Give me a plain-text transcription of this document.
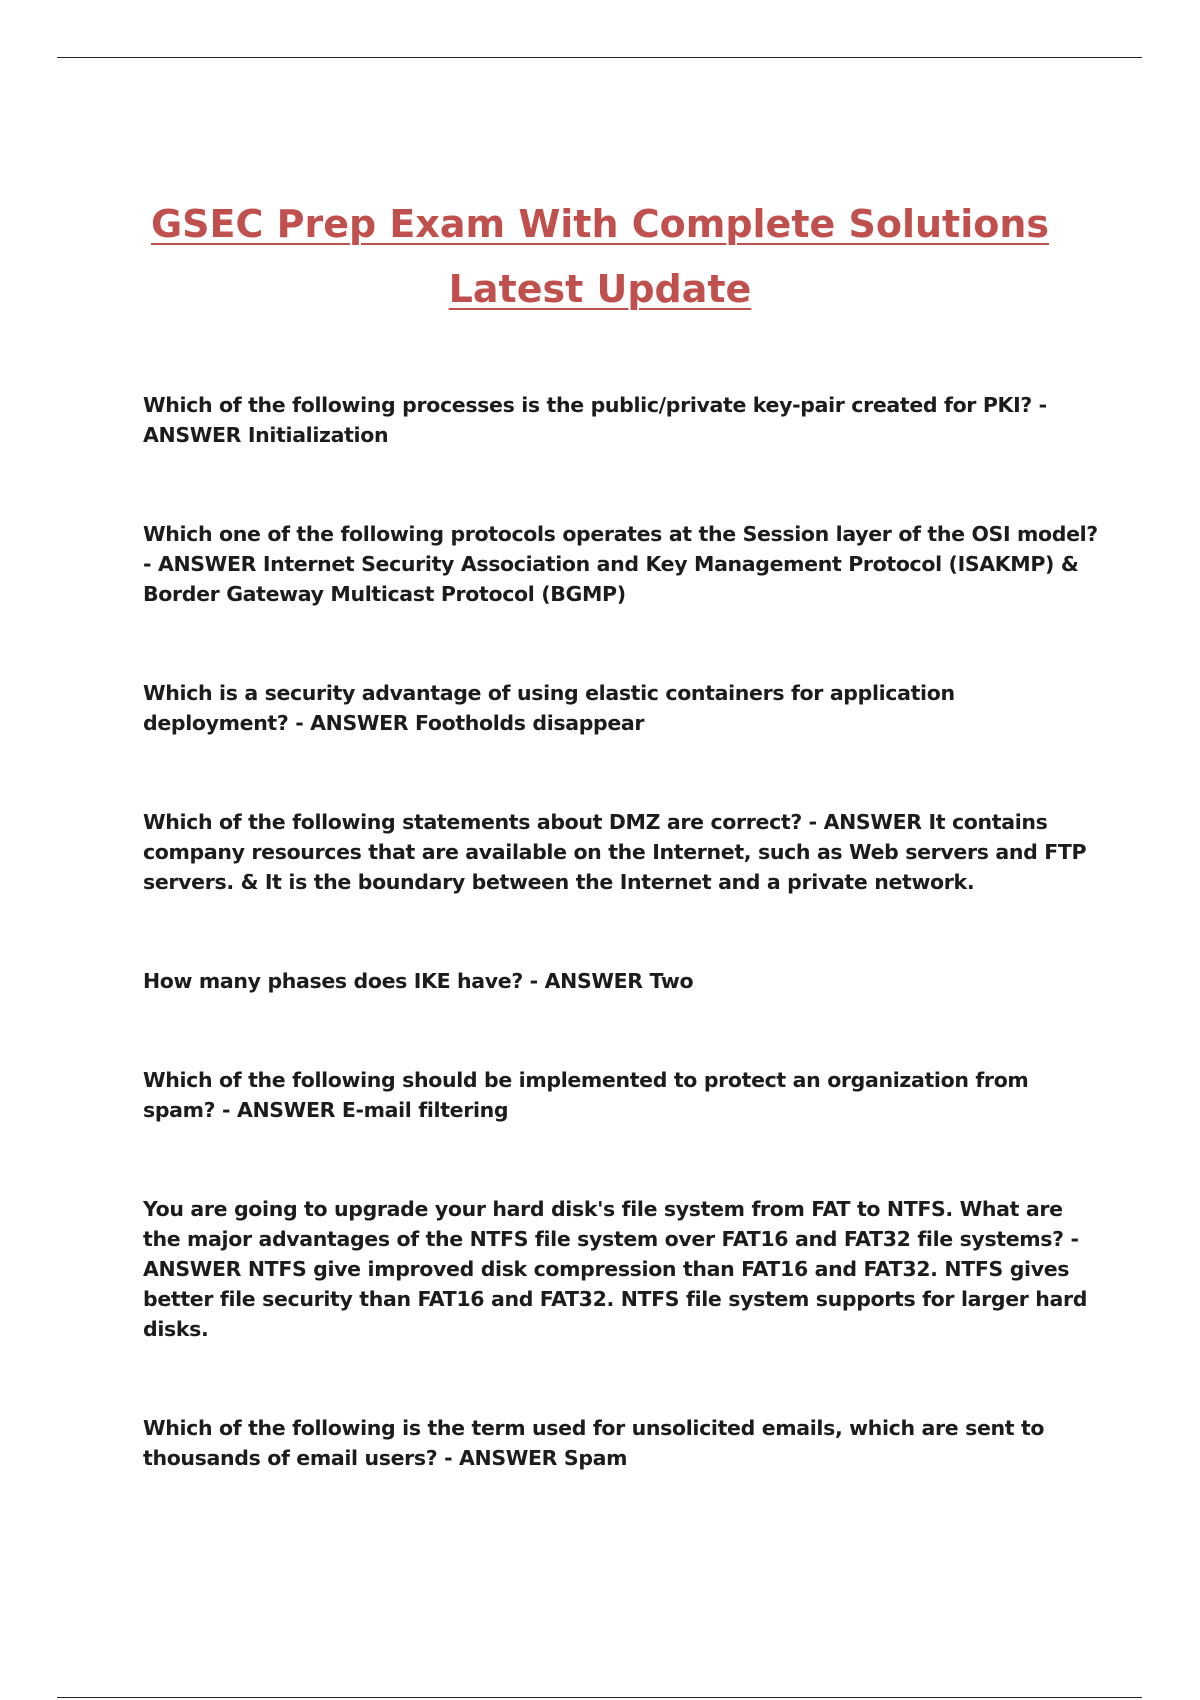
GSEC Prep Exam With Complete Solutions
Latest Update
Which of the following processes is the public/private key-pair created for PKI? - ANSWER Initialization
Which one of the following protocols operates at the Session layer of the OSI model? - ANSWER Internet Security Association and Key Management Protocol (ISAKMP) & Border Gateway Multicast Protocol (BGMP)
Which is a security advantage of using elastic containers for application deployment? - ANSWER Footholds disappear
Which of the following statements about DMZ are correct? - ANSWER It contains company resources that are available on the Internet, such as Web servers and FTP servers. & It is the boundary between the Internet and a private network.
How many phases does IKE have? - ANSWER Two
Which of the following should be implemented to protect an organization from spam? - ANSWER E-mail filtering
You are going to upgrade your hard disk's file system from FAT to NTFS. What are the major advantages of the NTFS file system over FAT16 and FAT32 file systems? - ANSWER NTFS give improved disk compression than FAT16 and FAT32. NTFS gives better file security than FAT16 and FAT32. NTFS file system supports for larger hard disks.
Which of the following is the term used for unsolicited emails, which are sent to thousands of email users? - ANSWER Spam
